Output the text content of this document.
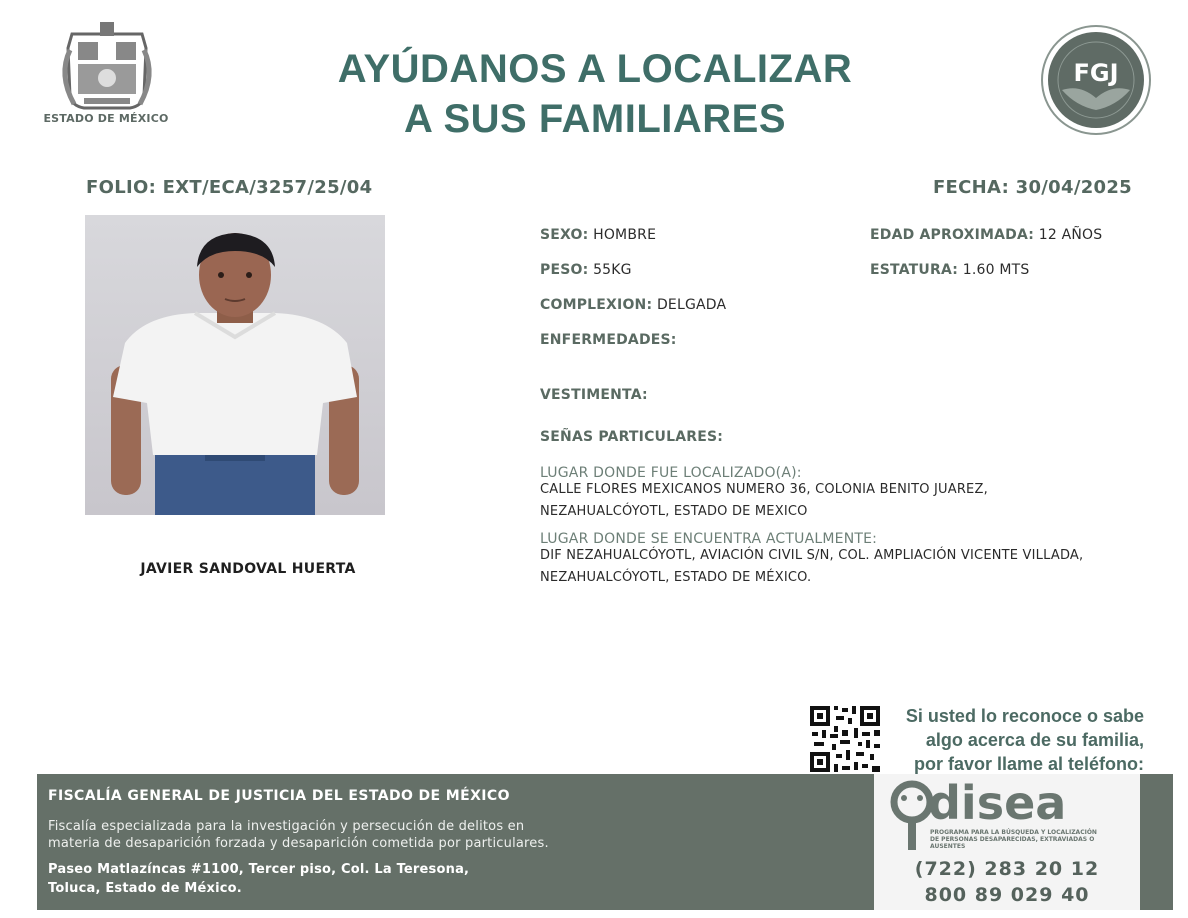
ESTADO DE MÉXICO
AYÚDANOS A LOCALIZAR
A SUS FAMILIARES
FGJ
FOLIO: EXT/ECA/3257/25/04	FECHA: 30/04/2025
JAVIER SANDOVAL HUERTA
SEXO: HOMBRE	EDAD APROXIMADA: 12 AÑOS
PESO: 55KG	ESTATURA: 1.60 MTS
COMPLEXION: DELGADA
ENFERMEDADES:
VESTIMENTA:
SEÑAS PARTICULARES:
LUGAR DONDE FUE LOCALIZADO(A):
CALLE FLORES MEXICANOS NUMERO 36, COLONIA BENITO JUAREZ, NEZAHUALCÓYOTL, ESTADO DE MEXICO
LUGAR DONDE SE ENCUENTRA ACTUALMENTE:
DIF NEZAHUALCÓYOTL, AVIACIÓN CIVIL S/N, COL. AMPLIACIÓN VICENTE VILLADA, NEZAHUALCÓYOTL, ESTADO DE MÉXICO.
Si usted lo reconoce o sabe
algo acerca de su familia,
por favor llame al teléfono:
FISCALÍA GENERAL DE JUSTICIA DEL ESTADO DE MÉXICO
Fiscalía especializada para la investigación y persecución de delitos en
materia de desaparición forzada y desaparición cometida por particulares.
Paseo Matlazíncas #1100, Tercer piso, Col. La Teresona,
Toluca, Estado de México.
disea
PROGRAMA PARA LA BÚSQUEDA Y LOCALIZACIÓN DE PERSONAS DESAPARECIDAS, EXTRAVIADAS O AUSENTES
(722) 283 20 12
800 89 029 40
